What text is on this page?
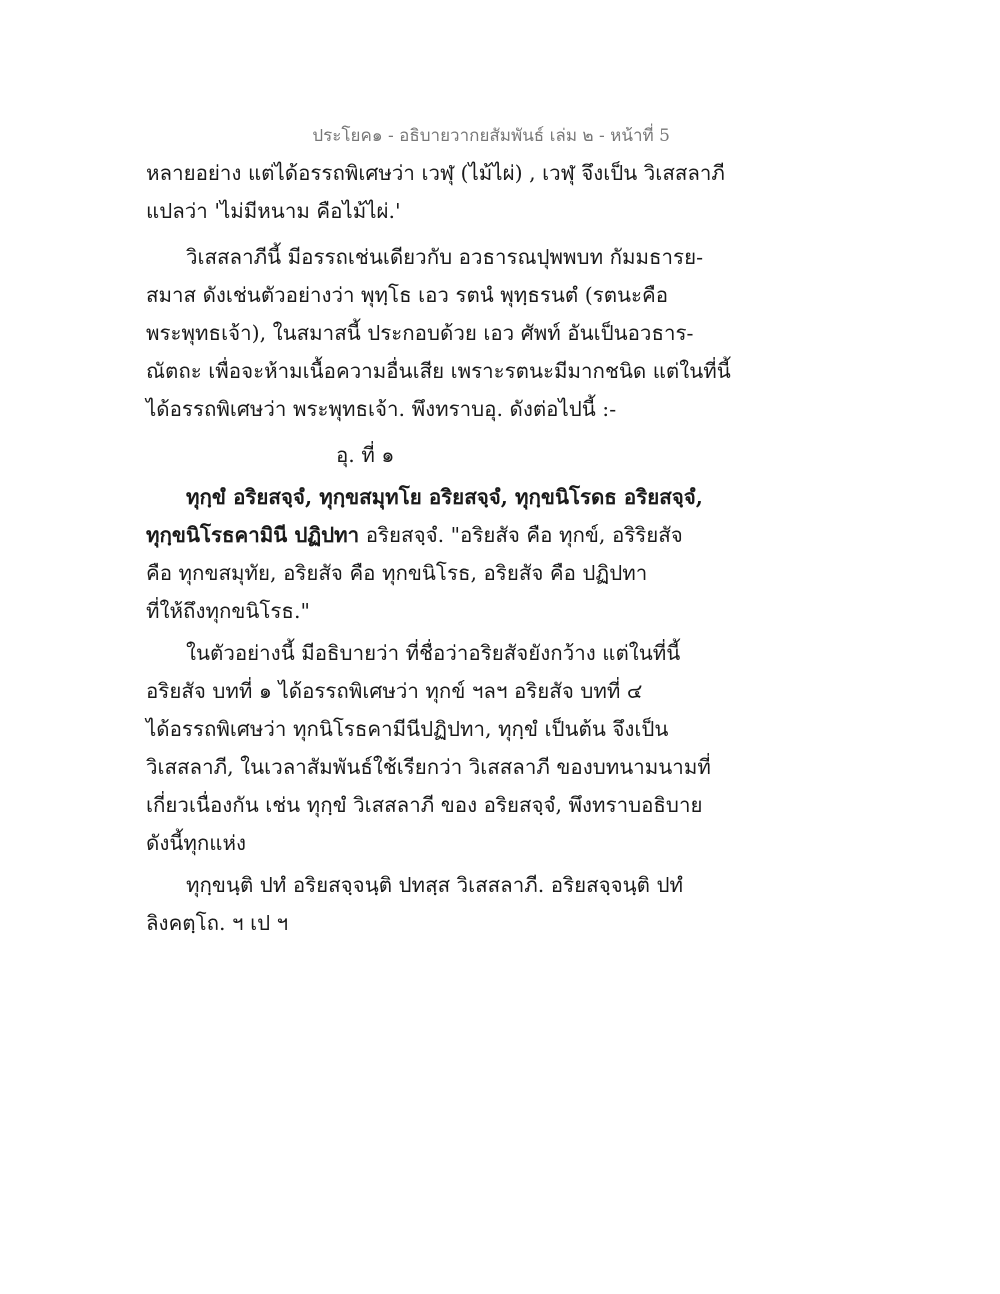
ประโยค๑ - อธิบายวากยสัมพันธ์ เล่ม ๒ - หน้าที่ 5
หลายอย่าง แต่ได้อรรถพิเศษว่า เวฬุ (ไม้ไผ่) , เวฬุ จึงเป็น วิเสสลาภี
แปลว่า 'ไม่มีหนาม คือไม้ไผ่.'
วิเสสลาภีนี้ มีอรรถเช่นเดียวกับ อวธารณปุพพบท กัมมธารย-
สมาส ดังเช่นตัวอย่างว่า พุทฺโธ เอว รตนํ พุทฺธรนตํ (รตนะคือ
พระพุทธเจ้า), ในสมาสนี้ ประกอบด้วย เอว ศัพท์ อันเป็นอวธาร-
ณัตถะ เพื่อจะห้ามเนื้อความอื่นเสีย เพราะรตนะมีมากชนิด แต่ในที่นี้
ได้อรรถพิเศษว่า พระพุทธเจ้า. พึงทราบอุ. ดังต่อไปนี้ :-
อุ. ที่ ๑
ทุกฺขํ อริยสจฺจํ, ทุกฺขสมุทโย อริยสจฺจํ, ทุกฺขนิโรดธ อริยสจฺจํ,
ทุกฺขนิโรธคามินี ปฏิปทา อริยสจฺจํ. "อริยสัจ คือ ทุกข์, อริริยสัจ
คือ ทุกขสมุทัย, อริยสัจ คือ ทุกขนิโรธ, อริยสัจ คือ ปฏิปทา
ที่ให้ถึงทุกขนิโรธ."
ในตัวอย่างนี้ มีอธิบายว่า ที่ชื่อว่าอริยสัจยังกว้าง แต่ในที่นี้
อริยสัจ บทที่ ๑ ได้อรรถพิเศษว่า ทุกข์ ฯลฯ อริยสัจ บทที่ ๔
ได้อรรถพิเศษว่า ทุกนิโรธคามีนีปฏิปทา, ทุกฺขํ เป็นต้น จึงเป็น
วิเสสลาภี, ในเวลาสัมพันธ์ใช้เรียกว่า วิเสสลาภี ของบทนามนามที่
เกี่ยวเนื่องกัน เช่น ทุกฺขํ วิเสสลาภี ของ อริยสจฺจํ, พึงทราบอธิบาย
ดังนี้ทุกแห่ง
ทุกฺขนฺติ ปทํ อริยสจฺจนฺติ ปทสฺส วิเสสลาภี. อริยสจฺจนฺติ ปทํ
ลิงคตฺโถ. ฯ เป ฯ
